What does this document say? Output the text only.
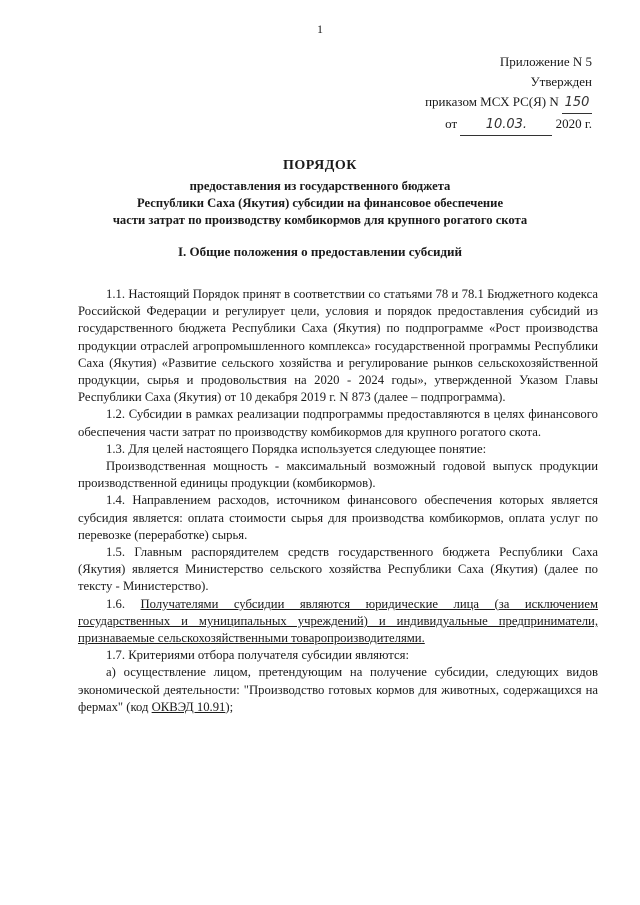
1
Приложение N 5
Утвержден
приказом МСХ РС(Я) N 150
от 10.03. 2020 г.
ПОРЯДОК
предоставления из государственного бюджета
Республики Саха (Якутия) субсидии на финансовое обеспечение
части затрат по производству комбикормов для крупного рогатого скота
I. Общие положения о предоставлении субсидий

1.1. Настоящий Порядок принят в соответствии со статьями 78 и 78.1 Бюджетного кодекса Российской Федерации и регулирует цели, условия и порядок предоставления субсидий из государственного бюджета Республики Саха (Якутия) по подпрограмме «Рост производства продукции отраслей агропромышленного комплекса» государственной программы Республики Саха (Якутия) «Развитие сельского хозяйства и регулирование рынков сельскохозяйственной продукции, сырья и продовольствия на 2020 - 2024 годы», утвержденной Указом Главы Республики Саха (Якутия) от 10 декабря 2019 г. N 873 (далее – подпрограмма).

1.2. Субсидии в рамках реализации подпрограммы предоставляются в целях финансового обеспечения части затрат по производству комбикормов для крупного рогатого скота.

1.3. Для целей настоящего Порядка используется следующее понятие:

Производственная мощность - максимальный возможный годовой выпуск продукции производственной единицы продукции (комбикормов).

1.4. Направлением расходов, источником финансового обеспечения которых является субсидия является: оплата стоимости сырья для производства комбикормов, оплата услуг по перевозке (переработке) сырья.

1.5. Главным распорядителем средств государственного бюджета Республики Саха (Якутия) является Министерство сельского хозяйства Республики Саха (Якутия) (далее по тексту - Министерство).

1.6. Получателями субсидии являются юридические лица (за исключением государственных и муниципальных учреждений) и индивидуальные предприниматели, признаваемые сельскохозяйственными товаропроизводителями.

1.7. Критериями отбора получателя субсидии являются:

а) осуществление лицом, претендующим на получение субсидии, следующих видов экономической деятельности: "Производство готовых кормов для животных, содержащихся на фермах" (код ОКВЭД 10.91);
